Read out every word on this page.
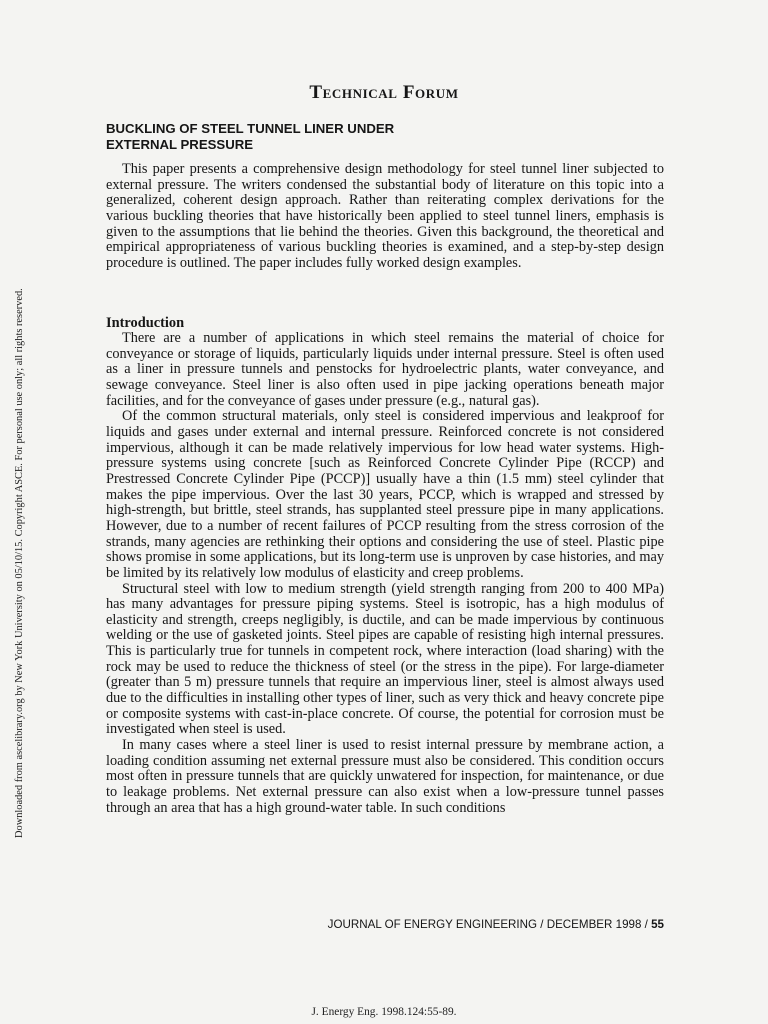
Downloaded from ascelibrary.org by New York University on 05/10/15. Copyright ASCE. For personal use only; all rights reserved.
Technical Forum
BUCKLING OF STEEL TUNNEL LINER UNDER
EXTERNAL PRESSURE

This paper presents a comprehensive design methodology for steel tunnel liner subjected to external pressure. The writers condensed the substantial body of literature on this topic into a generalized, coherent design approach. Rather than reiterating complex derivations for the various buckling theories that have historically been applied to steel tunnel liners, emphasis is given to the assumptions that lie behind the theories. Given this background, the theoretical and empirical appropriateness of various buckling theories is examined, and a step-by-step design procedure is outlined. The paper includes fully worked design examples.

Introduction

There are a number of applications in which steel remains the material of choice for conveyance or storage of liquids, particularly liquids under internal pressure. Steel is often used as a liner in pressure tunnels and penstocks for hydroelectric plants, water conveyance, and sewage conveyance. Steel liner is also often used in pipe jacking operations beneath major facilities, and for the conveyance of gases under pressure (e.g., natural gas).

Of the common structural materials, only steel is considered impervious and leakproof for liquids and gases under external and internal pressure. Reinforced concrete is not considered impervious, although it can be made relatively impervious for low head water systems. High-pressure systems using concrete [such as Reinforced Concrete Cylinder Pipe (RCCP) and Prestressed Concrete Cylinder Pipe (PCCP)] usually have a thin (1.5 mm) steel cylinder that makes the pipe impervious. Over the last 30 years, PCCP, which is wrapped and stressed by high-strength, but brittle, steel strands, has supplanted steel pressure pipe in many applications. However, due to a number of recent failures of PCCP resulting from the stress corrosion of the strands, many agencies are rethinking their options and considering the use of steel. Plastic pipe shows promise in some applications, but its long-term use is unproven by case histories, and may be limited by its relatively low modulus of elasticity and creep problems.

Structural steel with low to medium strength (yield strength ranging from 200 to 400 MPa) has many advantages for pressure piping systems. Steel is isotropic, has a high modulus of elasticity and strength, creeps negligibly, is ductile, and can be made impervious by continuous welding or the use of gasketed joints. Steel pipes are capable of resisting high internal pressures. This is particularly true for tunnels in competent rock, where interaction (load sharing) with the rock may be used to reduce the thickness of steel (or the stress in the pipe). For large-diameter (greater than 5 m) pressure tunnels that require an impervious liner, steel is almost always used due to the difficulties in installing other types of liner, such as very thick and heavy concrete pipe or composite systems with cast-in-place concrete. Of course, the potential for corrosion must be investigated when steel is used.

In many cases where a steel liner is used to resist internal pressure by membrane action, a loading condition assuming net external pressure must also be considered. This condition occurs most often in pressure tunnels that are quickly unwatered for inspection, for maintenance, or due to leakage problems. Net external pressure can also exist when a low-pressure tunnel passes through an area that has a high ground-water table. In such conditions

JOURNAL OF ENERGY ENGINEERING / DECEMBER 1998 / 55
J. Energy Eng. 1998.124:55-89.
